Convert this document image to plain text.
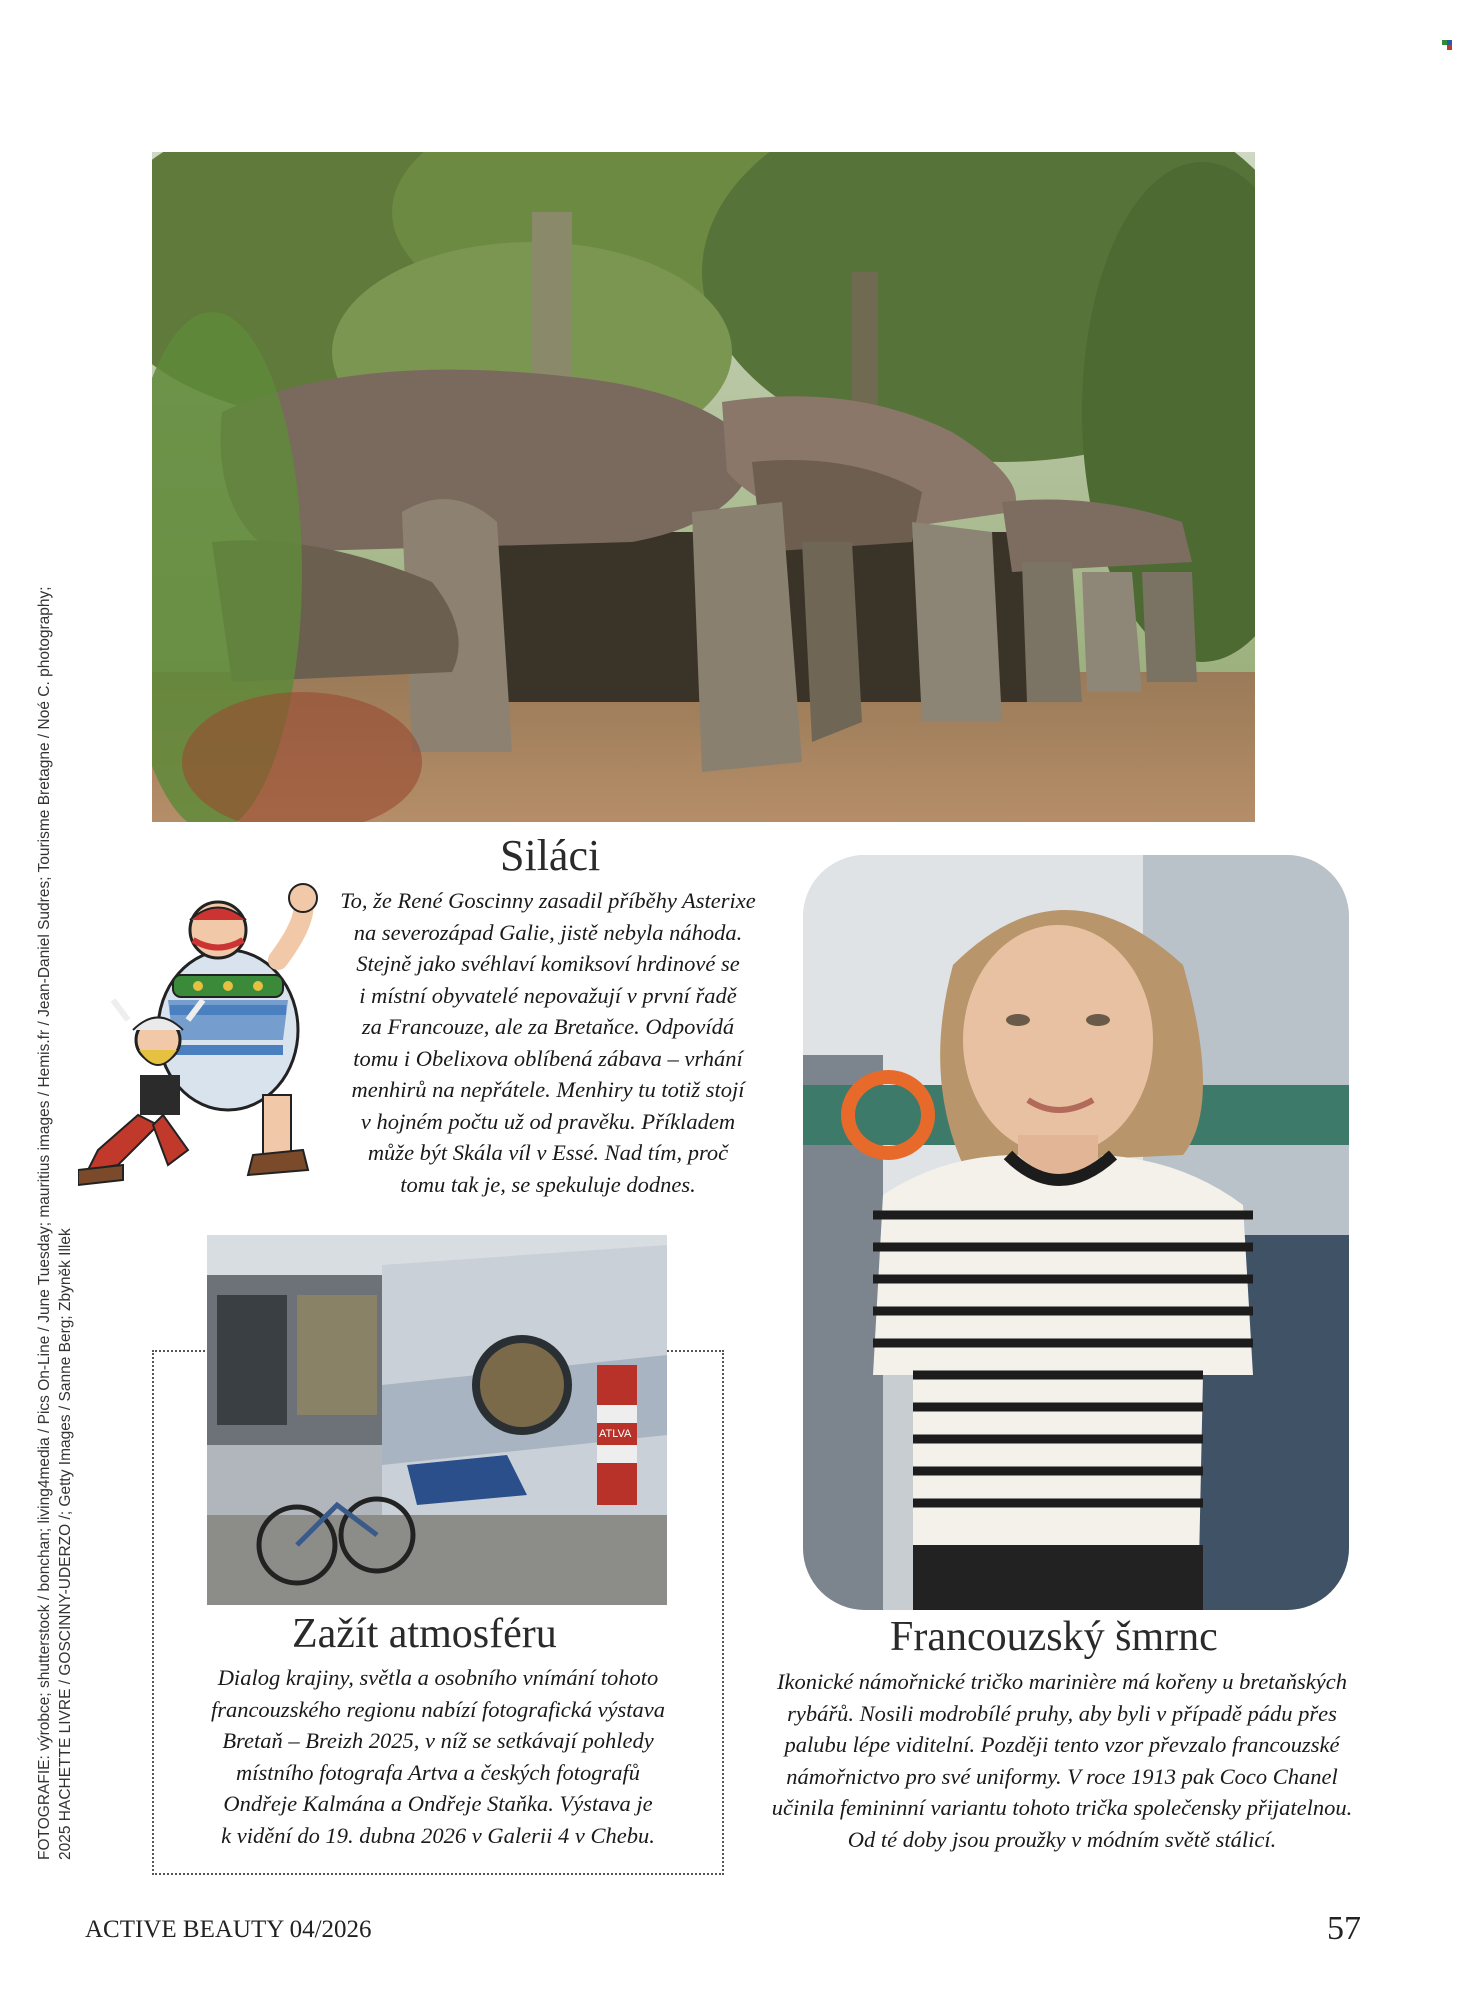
FOTOGRAFIE: výrobce; shutterstock / bonchan; living4media / Pics On-Line / June Tuesday; mauritius images / Hemis.fr / Jean-Daniel Sudres; Tourisme Bretagne / Noé C. photography; 2025 HACHETTE LIVRE / GOSCINNY-UDERZO /; Getty Images / Sanne Berg; Zbyněk Illek
Siláci
To, že René Goscinny zasadil příběhy Asterixe
na severozápad Galie, jistě nebyla náhoda.
Stejně jako svéhlaví komiksoví hrdinové se
i místní obyvatelé nepovažují v první řadě
za Francouze, ale za Bretaňce. Odpovídá
tomu i Obelixova oblíbená zábava – vrhání
menhirů na nepřátele. Menhiry tu totiž stojí
v hojném počtu už od pravěku. Příkladem
může být Skála víl v Essé. Nad tím, proč
tomu tak je, se spekuluje dodnes.
ATLVA
Zažít atmosféru
Dialog krajiny, světla a osobního vnímání tohoto
francouzského regionu nabízí fotografická výstava
Bretaň – Breizh 2025, v níž se setkávají pohledy
místního fotografa Artva a českých fotografů
Ondřeje Kalmána a Ondřeje Staňka. Výstava je
k vidění do 19. dubna 2026 v Galerii 4 v Chebu.
Francouzský šmrnc
Ikonické námořnické tričko marinière má kořeny u bretaňských
rybářů. Nosili modrobílé pruhy, aby byli v případě pádu přes
palubu lépe viditelní. Později tento vzor převzalo francouzské
námořnictvo pro své uniformy. V roce 1913 pak Coco Chanel
učinila femininní variantu tohoto trička společensky přijatelnou.
Od té doby jsou proužky v módním světě stálicí.
ACTIVE BEAUTY 04/2026	57
